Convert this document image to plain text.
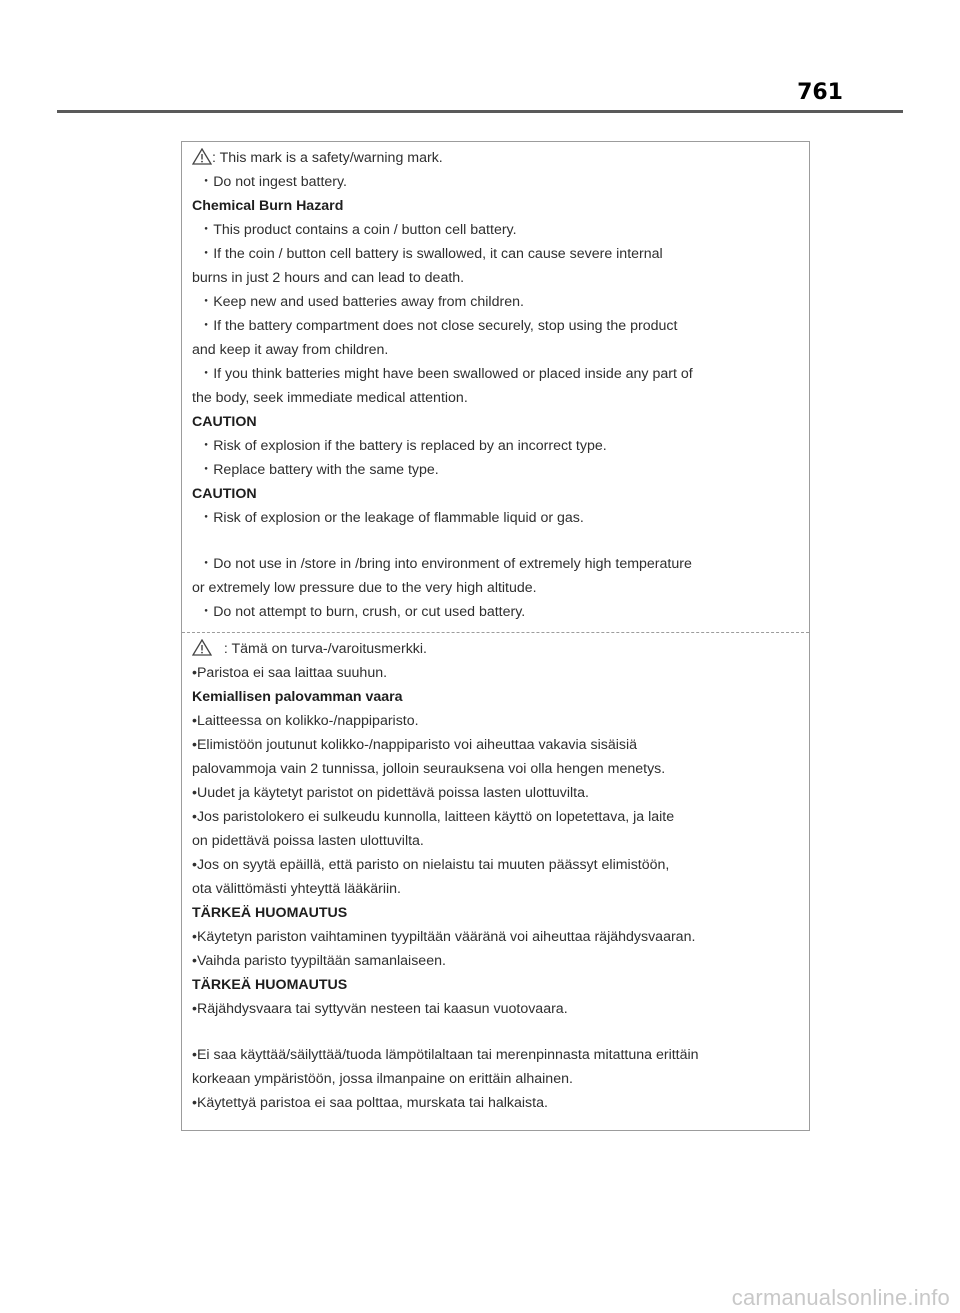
761
: This mark is a safety/warning mark.
・Do not ingest battery.
Chemical Burn Hazard
・This product contains a coin / button cell battery.
・If the coin / button cell battery is swallowed, it can cause severe internal
burns in just 2 hours and can lead to death.
・Keep new and used batteries away from children.
・If the battery compartment does not close securely, stop using the product
and keep it away from children.
・If you think batteries might have been swallowed or placed inside any part of
the body, seek immediate medical attention.
CAUTION
・Risk of explosion if the battery is replaced by an incorrect type.
・Replace battery with the same type.
CAUTION
・Risk of explosion or the leakage of flammable liquid or gas.
・Do not use in /store in /bring into environment of extremely high temperature
or extremely low pressure due to the very high altitude.
・Do not attempt to burn, crush, or cut used battery.
: Tämä on turva-/varoitusmerkki.
•Paristoa ei saa laittaa suuhun.
Kemiallisen palovamman vaara
•Laitteessa on kolikko-/nappiparisto.
•Elimistöön joutunut kolikko-/nappiparisto voi aiheuttaa vakavia sisäisiä
palovammoja vain 2 tunnissa, jolloin seurauksena voi olla hengen menetys.
•Uudet ja käytetyt paristot on pidettävä poissa lasten ulottuvilta.
•Jos paristolokero ei sulkeudu kunnolla, laitteen käyttö on lopetettava, ja laite
on pidettävä poissa lasten ulottuvilta.
•Jos on syytä epäillä, että paristo on nielaistu tai muuten päässyt elimistöön,
ota välittömästi yhteyttä lääkäriin.
TÄRKEÄ HUOMAUTUS
•Käytetyn pariston vaihtaminen tyypiltään vääränä voi aiheuttaa räjähdysvaaran.
•Vaihda paristo tyypiltään samanlaiseen.
TÄRKEÄ HUOMAUTUS
•Räjähdysvaara tai syttyvän nesteen tai kaasun vuotovaara.
•Ei saa käyttää/säilyttää/tuoda lämpötilaltaan tai merenpinnasta mitattuna erittäin
korkeaan ympäristöön, jossa ilmanpaine on erittäin alhainen.
•Käytettyä paristoa ei saa polttaa, murskata tai halkaista.
carmanualsonline.info
